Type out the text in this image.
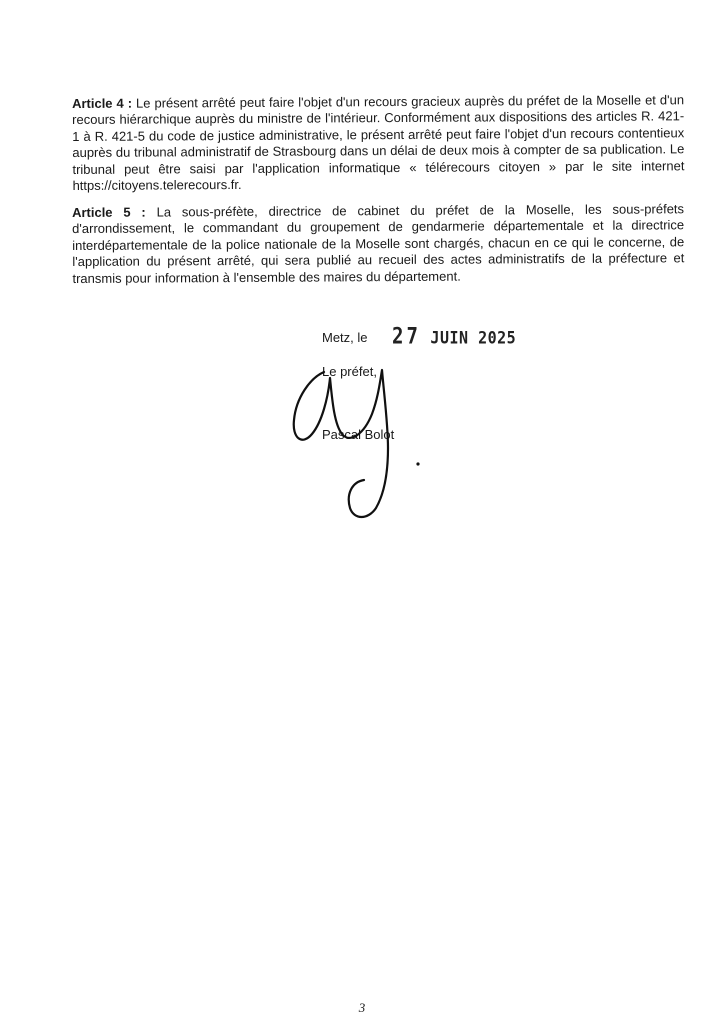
Article 4 : Le présent arrêté peut faire l'objet d'un recours gracieux auprès du préfet de la Moselle et d'un recours hiérarchique auprès du ministre de l'intérieur. Conformément aux dispositions des articles R. 421-1 à R. 421-5 du code de justice administrative, le présent arrêté peut faire l'objet d'un recours contentieux auprès du tribunal administratif de Strasbourg dans un délai de deux mois à compter de sa publication. Le tribunal peut être saisi par l'application informatique « télérecours citoyen » par le site internet https://citoyens.telerecours.fr.

Article 5 : La sous-préfète, directrice de cabinet du préfet de la Moselle, les sous-préfets d'arrondissement, le commandant du groupement de gendarmerie départementale et la directrice interdépartementale de la police nationale de la Moselle sont chargés, chacun en ce qui le concerne, de l'application du présent arrêté, qui sera publié au recueil des actes administratifs de la préfecture et transmis pour information à l'ensemble des maires du département.

Metz, le 27 JUIN 2025
Le préfet,
Pascal Bolot
3
